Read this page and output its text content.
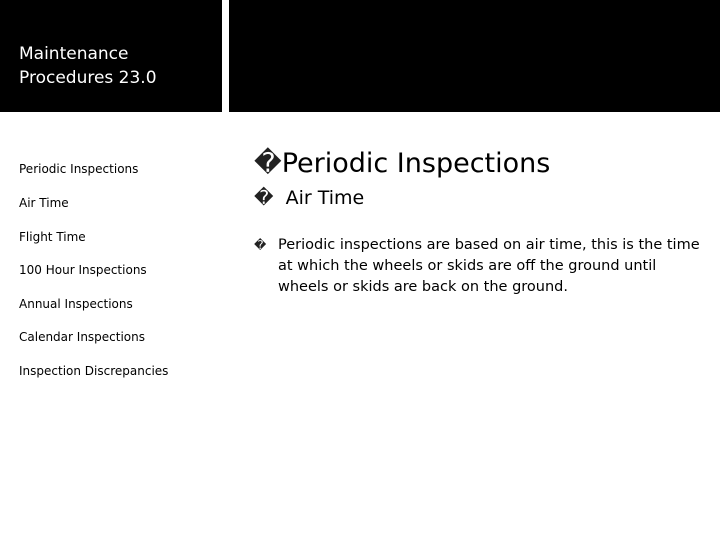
Maintenance
Procedures 23.0
Periodic Inspections
Air Time
Flight Time
100 Hour Inspections
Annual Inspections
Calendar Inspections
Inspection Discrepancies
�Periodic Inspections
� Air Time
� Periodic inspections are based on air time, this is the time at which the wheels or skids are off the ground until wheels or skids are back on the ground.
